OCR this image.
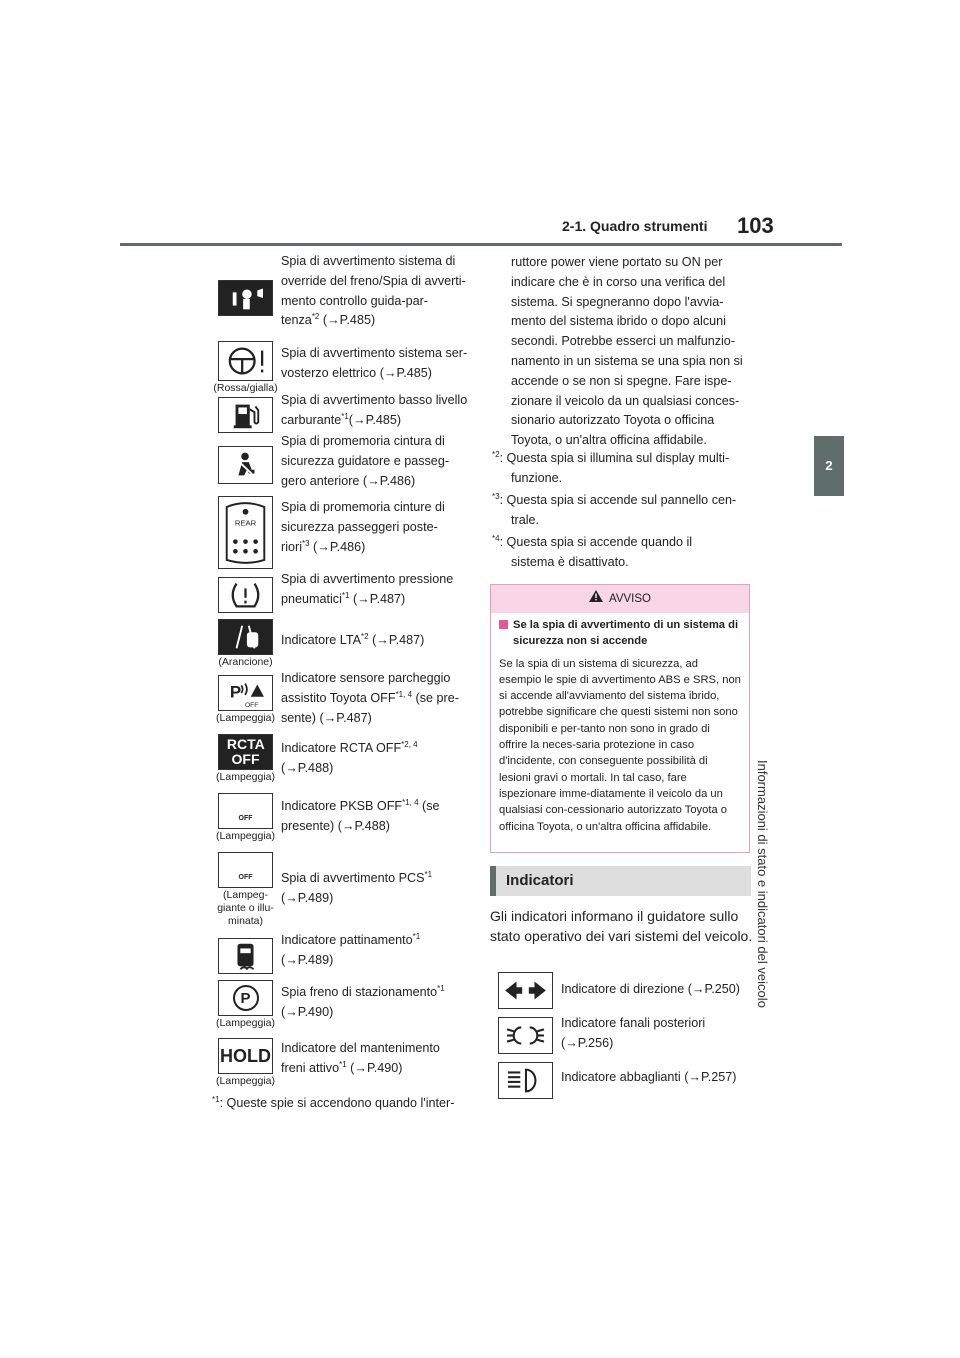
2-1. Quadro strumenti 103
2
Informazioni di stato e indicatori del veicolo
Spia di avvertimento sistema di
override del freno/Spia di avverti-
mento controllo guida-par-
tenza$^{*2}$ (→P.485)
(Rossa/gialla)
Spia di avvertimento sistema ser-
vosterzo elettrico (→P.485)
Spia di avvertimento basso livello
carburante$^{*1}$(→P.485)
Spia di promemoria cintura di
sicurezza guidatore e passeg-
gero anteriore (→P.486)
REAR
Spia di promemoria cinture di
sicurezza passeggeri poste-
riori$^{*3}$ (→P.486)
Spia di avvertimento pressione
pneumatici$^{*1}$ (→P.487)
(Arancione)
Indicatore LTA$^{*2}$ (→P.487)
P
OFF
(Lampeggia)
Indicatore sensore parcheggio
assistito Toyota OFF$^{*1, 4}$ (se pre-
sente) (→P.487)
RCTA OFF
(Lampeggia)
Indicatore RCTA OFF$^{*2, 4}$
(→P.488)
OFF
(Lampeggia)
Indicatore PKSB OFF$^{*1, 4}$ (se
presente) (→P.488)
OFF
(Lampeg-
giante o illu-
minata)
Spia di avvertimento PCS$^{*1}$
(→P.489)
Indicatore pattinamento$^{*1}$
(→P.489)
P
(Lampeggia)
Spia freno di stazionamento$^{*1}$
(→P.490)
HOLD
(Lampeggia)
Indicatore del mantenimento
freni attivo$^{*1}$ (→P.490)
$^{*1}$: Queste spie si accendono quando l'inter-
ruttore power viene portato su ON per
indicare che è in corso una verifica del
sistema. Si spegneranno dopo l'avvia-
mento del sistema ibrido o dopo alcuni
secondi. Potrebbe esserci un malfunzio-
namento in un sistema se una spia non si
accende o se non si spegne. Fare ispe-
zionare il veicolo da un qualsiasi conces-
sionario autorizzato Toyota o officina
Toyota, o un'altra officina affidabile.
$^{*2}$: Questa spia si illumina sul display multi-
funzione.
$^{*3}$: Questa spia si accende sul pannello cen-
trale.
$^{*4}$: Questa spia si accende quando il
sistema è disattivato.
AVVISO
Se la spia di avvertimento di un sistema di sicurezza non si accende
Se la spia di un sistema di sicurezza, ad esempio le spie di avvertimento ABS e SRS, non si accende all'avviamento del sistema ibrido, potrebbe significare che questi sistemi non sono disponibili e per-tanto non sono in grado di offrire la neces-saria protezione in caso d'incidente, con conseguente possibilità di lesioni gravi o mortali. In tal caso, fare ispezionare imme-diatamente il veicolo da un qualsiasi con-cessionario autorizzato Toyota o officina Toyota, o un'altra officina affidabile.
Indicatori
Gli indicatori informano il guidatore sullo stato operativo dei vari sistemi del veicolo.
Indicatore di direzione (→P.250)
Indicatore fanali posteriori
(→P.256)
Indicatore abbaglianti (→P.257)
